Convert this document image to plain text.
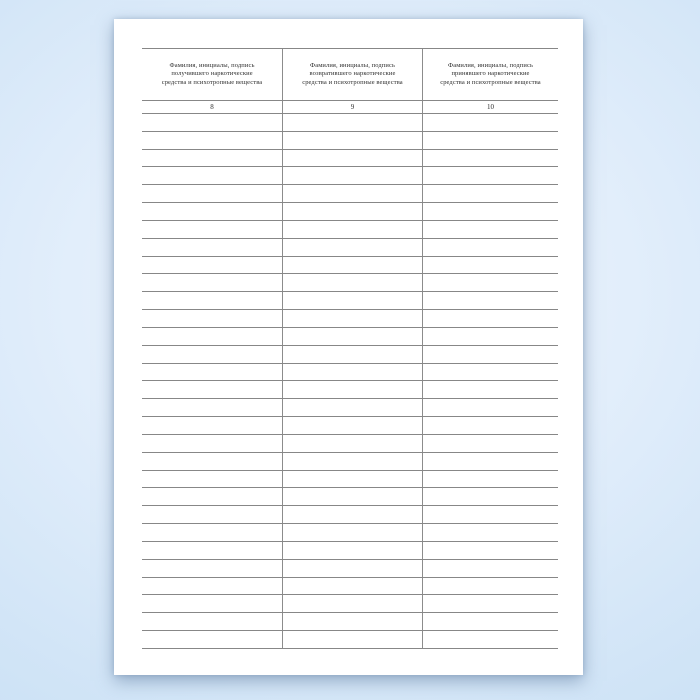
Фамилия, инициалы, подпись
получившего наркотические
средства и психотропные вещества
Фамилия, инициалы, подпись
возвратившего наркотические
средства и психотропные вещества
Фамилия, инициалы, подпись
принявшего наркотические
средства и психотропные вещества
8	9	10
